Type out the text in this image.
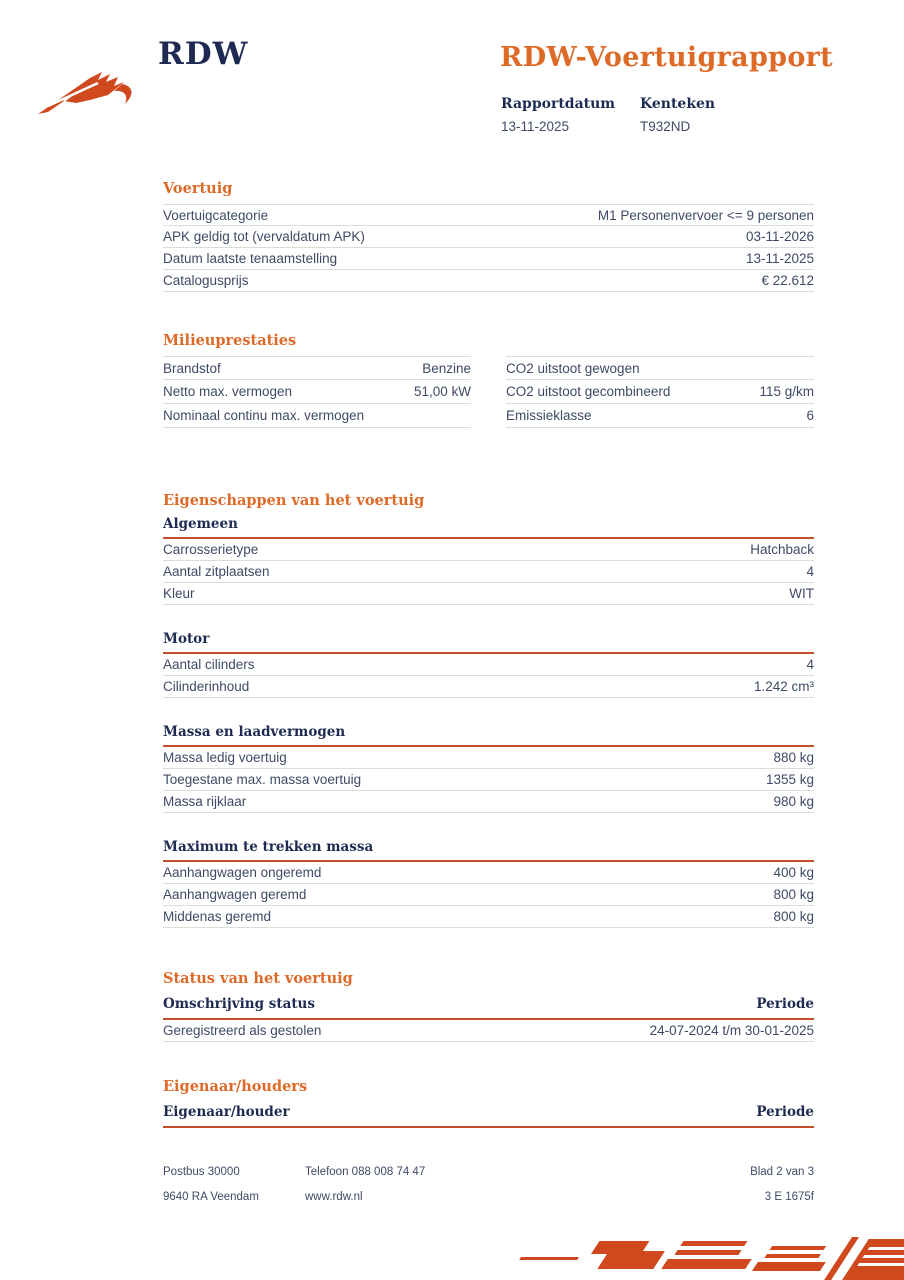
RDW	RDW-Voertuigrapport
Rapportdatum
13-11-2025
Kenteken
T932ND
Voertuig
Voertuigcategorie	M1 Personenvervoer <= 9 personen
APK geldig tot (vervaldatum APK)	03-11-2026
Datum laatste tenaamstelling	13-11-2025
Catalogusprijs	€ 22.612
Milieuprestaties
Brandstof	Benzine
Netto max. vermogen	51,00 kW
Nominaal continu max. vermogen
CO2 uitstoot gewogen
CO2 uitstoot gecombineerd	115 g/km
Emissieklasse	6
Eigenschappen van het voertuig
Algemeen
Carrosserietype	Hatchback
Aantal zitplaatsen	4
Kleur	WIT
Motor
Aantal cilinders	4
Cilinderinhoud	1.242 cm³
Massa en laadvermogen
Massa ledig voertuig	880 kg
Toegestane max. massa voertuig	1355 kg
Massa rijklaar	980 kg
Maximum te trekken massa
Aanhangwagen ongeremd	400 kg
Aanhangwagen geremd	800 kg
Middenas geremd	800 kg
Status van het voertuig
Omschrijving status	Periode
Geregistreerd als gestolen	24-07-2024 t/m 30-01-2025
Eigenaar/houders
Eigenaar/houder	Periode
Postbus 30000	Telefoon 088 008 74 47	Blad 2 van 3
9640 RA Veendam	www.rdw.nl	3 E 1675f
